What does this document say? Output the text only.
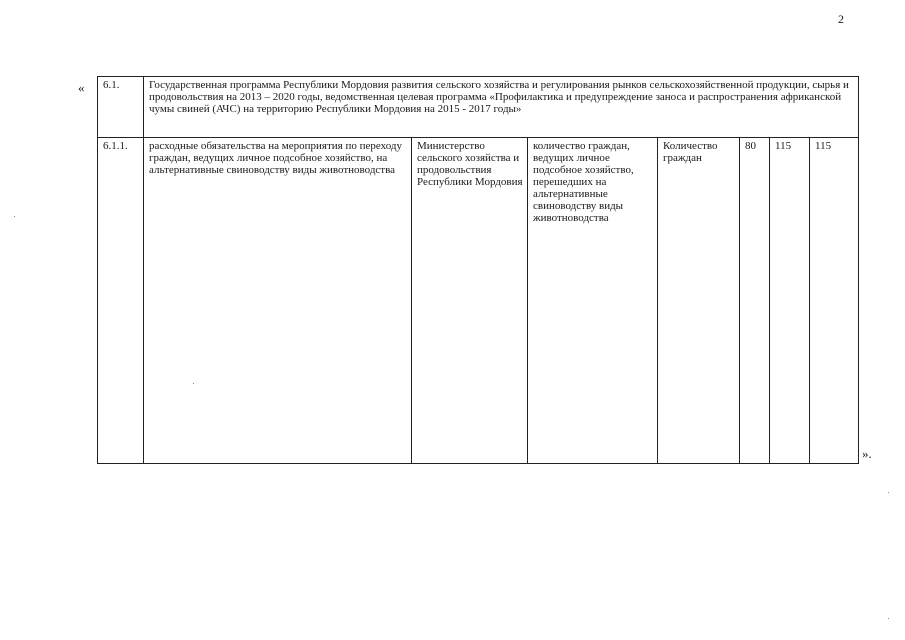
2
« 6.1.	Государственная программа Республики Мордовия развития сельского хозяйства и регулирования рынков сельскохозяйственной продукции, сырья и продовольствия на 2013 – 2020 годы, ведомственная целевая программа «Профилактика и предупреждение заноса и распространения африканской чумы свиней (АЧС) на территорию Республики Мордовия на 2015 - 2017 годы»						
6.1.1.	расходные обязательства на мероприятия по переходу граждан, ведущих личное подсобное хозяйство, на альтернативные свиноводству виды животноводства	Министерство сельского хозяйства и продовольствия Республики Мордовия	количество граждан, ведущих личное подсобное хозяйство, перешедших на альтернативные свиноводству виды животноводства	Количество граждан	80	115	115
».
